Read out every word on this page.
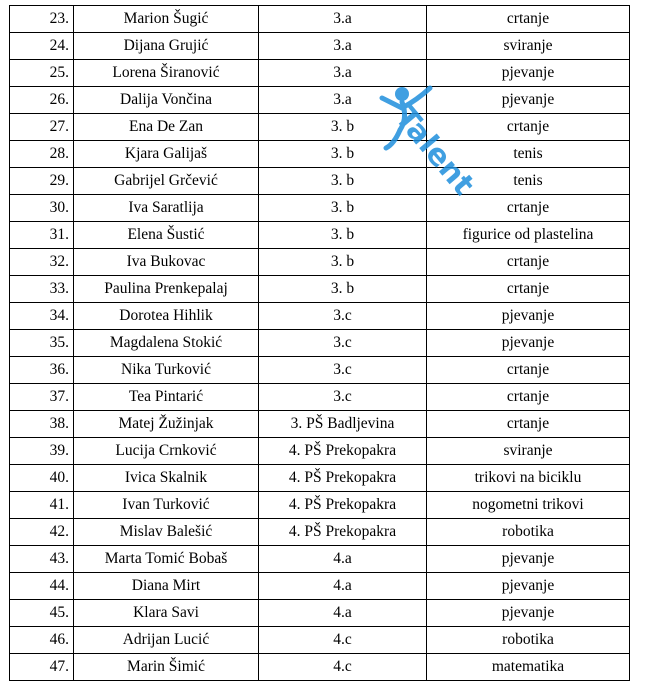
23.	Marion Šugić	3.a	crtanje
24.	Dijana Grujić	3.a	sviranje
25.	Lorena Širanović	3.a	pjevanje
26.	Dalija Vončina	3.a	pjevanje
27.	Ena De Zan	3. b	crtanje
28.	Kjara Galijaš	3. b	tenis
29.	Gabrijel Grčević	3. b	tenis
30.	Iva Saratlija	3. b	crtanje
31.	Elena Šustić	3. b	figurice od plastelina
32.	Iva Bukovac	3. b	crtanje
33.	Paulina Prenkepalaj	3. b	crtanje
34.	Dorotea Hihlik	3.c	pjevanje
35.	Magdalena Stokić	3.c	pjevanje
36.	Nika Turković	3.c	crtanje
37.	Tea Pintarić	3.c	crtanje
38.	Matej Žužinjak	3. PŠ Badljevina	crtanje
39.	Lucija Crnković	4. PŠ Prekopakra	sviranje
40.	Ivica Skalnik	4. PŠ Prekopakra	trikovi na biciklu
41.	Ivan Turković	4. PŠ Prekopakra	nogometni trikovi
42.	Mislav Balešić	4. PŠ Prekopakra	robotika
43.	Marta Tomić Bobaš	4.a	pjevanje
44.	Diana Mirt	4.a	pjevanje
45.	Klara Savi	4.a	pjevanje
46.	Adrijan Lucić	4.c	robotika
47.	Marin Šimić	4.c	matematika
Talent
